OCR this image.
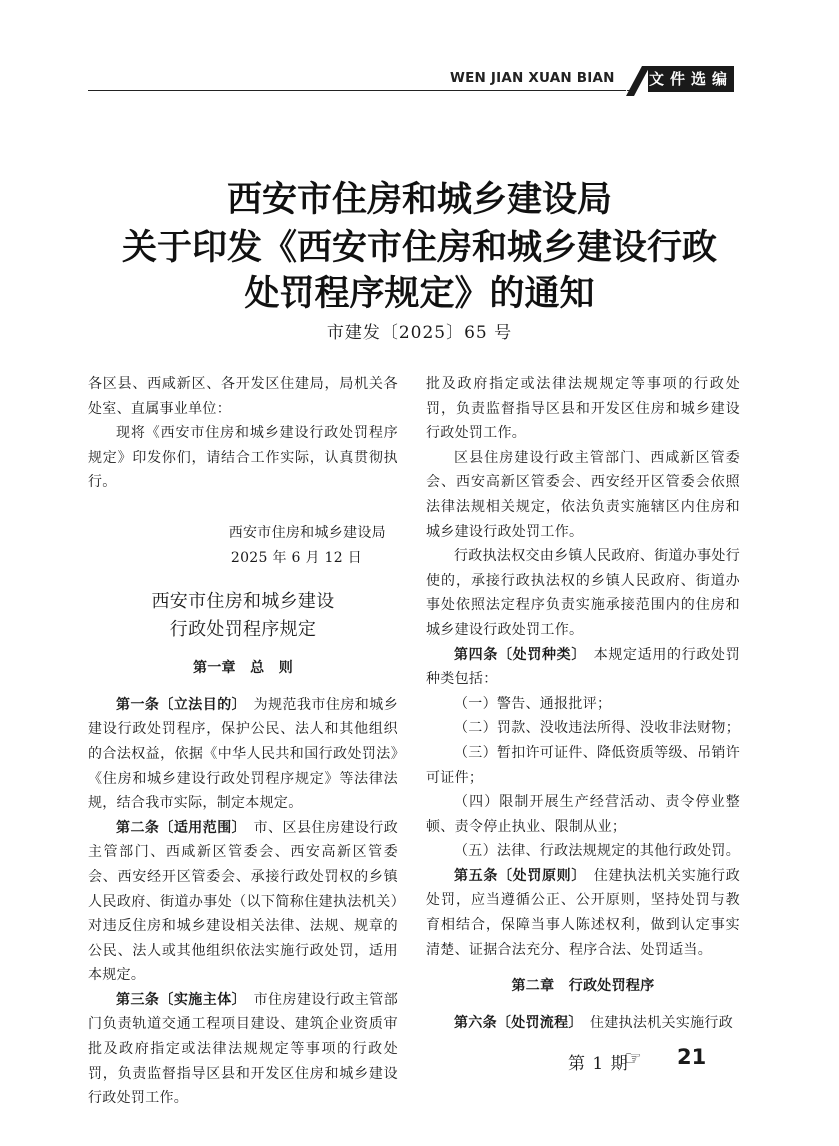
WEN JIAN XUAN BIAN 文件选编
西安市住房和城乡建设局
关于印发《西安市住房和城乡建设行政
处罚程序规定》的通知
市建发〔2025〕65 号

各区县、西咸新区、各开发区住建局，局机关各处室、直属事业单位：

现将《西安市住房和城乡建设行政处罚程序规定》印发你们，请结合工作实际，认真贯彻执行。

西安市住房和城乡建设局

2025 年 6 月 12 日

西安市住房和城乡建设

行政处罚程序规定

第一章　总　则

第一条〔立法目的〕  为规范我市住房和城乡建设行政处罚程序，保护公民、法人和其他组织的合法权益，依据《中华人民共和国行政处罚法》《住房和城乡建设行政处罚程序规定》等法律法规，结合我市实际，制定本规定。

第二条〔适用范围〕  市、区县住房建设行政主管部门、西咸新区管委会、西安高新区管委会、西安经开区管委会、承接行政处罚权的乡镇人民政府、街道办事处（以下简称住建执法机关）对违反住房和城乡建设相关法律、法规、规章的公民、法人或其他组织依法实施行政处罚，适用本规定。

第三条〔实施主体〕  市住房建设行政主管部门负责轨道交通工程项目建设、建筑企业资质审批及政府指定或法律法规规定等事项的行政处罚，负责监督指导区县和开发区住房和城乡建设行政处罚工作。

批及政府指定或法律法规规定等事项的行政处罚，负责监督指导区县和开发区住房和城乡建设行政处罚工作。

区县住房建设行政主管部门、西咸新区管委会、西安高新区管委会、西安经开区管委会依照法律法规相关规定，依法负责实施辖区内住房和城乡建设行政处罚工作。

行政执法权交由乡镇人民政府、街道办事处行使的，承接行政执法权的乡镇人民政府、街道办事处依照法定程序负责实施承接范围内的住房和城乡建设行政处罚工作。

第四条〔处罚种类〕  本规定适用的行政处罚种类包括：

（一）警告、通报批评；

（二）罚款、没收违法所得、没收非法财物；

（三）暂扣许可证件、降低资质等级、吊销许可证件；

（四）限制开展生产经营活动、责令停业整顿、责令停止执业、限制从业；

（五）法律、行政法规规定的其他行政处罚。

第五条〔处罚原则〕  住建执法机关实施行政处罚，应当遵循公正、公开原则，坚持处罚与教育相结合，保障当事人陈述权利，做到认定事实清楚、证据合法充分、程序合法、处罚适当。

第二章　行政处罚程序

第六条〔处罚流程〕  住建执法机关实施行政

第 1 期
☞ 21
